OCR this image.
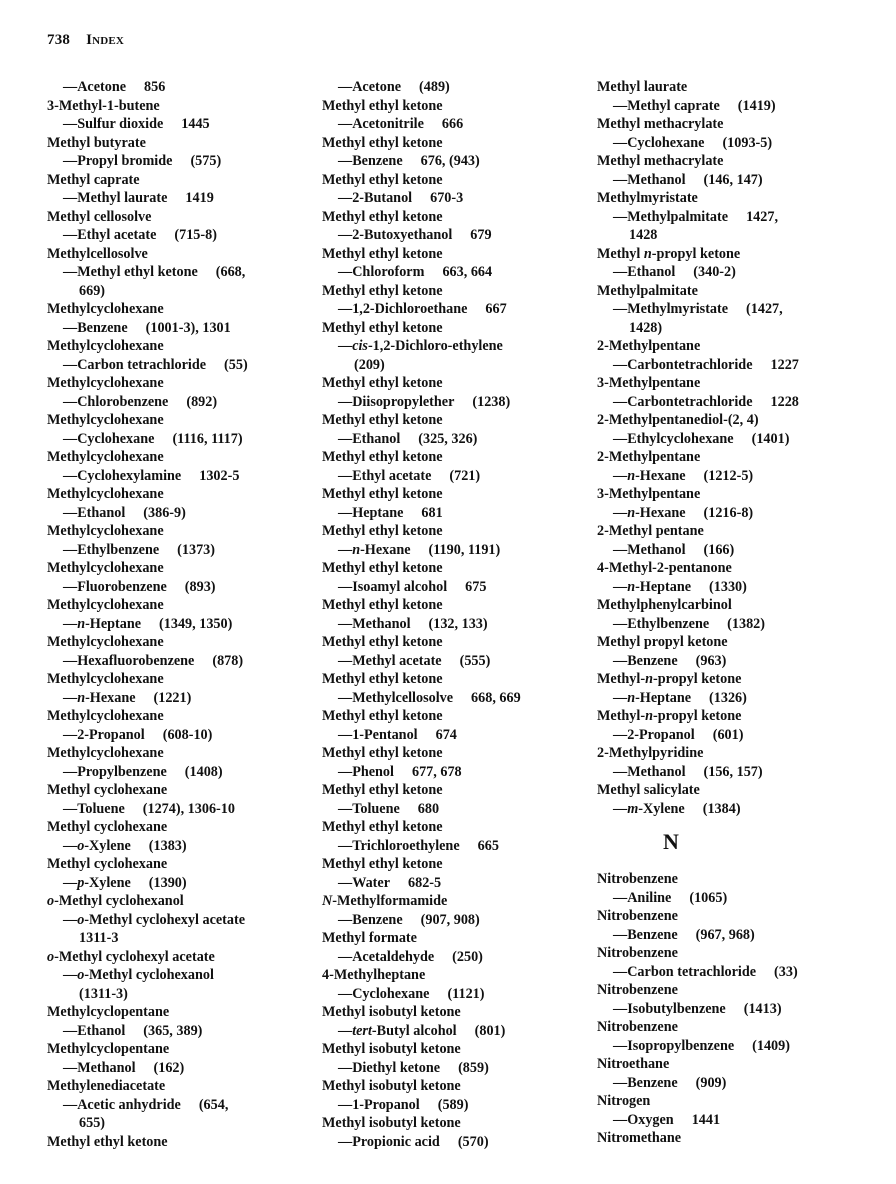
738 Index
—Acetone 856
3-Methyl-1-butene
—Sulfur dioxide 1445
Methyl butyrate
—Propyl bromide (575)
Methyl caprate
—Methyl laurate 1419
Methyl cellosolve
—Ethyl acetate (715-8)
Methylcellosolve
—Methyl ethyl ketone (668,
669)
Methylcyclohexane
—Benzene (1001-3), 1301
Methylcyclohexane
—Carbon tetrachloride (55)
Methylcyclohexane
—Chlorobenzene (892)
Methylcyclohexane
—Cyclohexane (1116, 1117)
Methylcyclohexane
—Cyclohexylamine 1302-5
Methylcyclohexane
—Ethanol (386-9)
Methylcyclohexane
—Ethylbenzene (1373)
Methylcyclohexane
—Fluorobenzene (893)
Methylcyclohexane
—n-Heptane (1349, 1350)
Methylcyclohexane
—Hexafluorobenzene (878)
Methylcyclohexane
—n-Hexane (1221)
Methylcyclohexane
—2-Propanol (608-10)
Methylcyclohexane
—Propylbenzene (1408)
Methyl cyclohexane
—Toluene (1274), 1306-10
Methyl cyclohexane
—o-Xylene (1383)
Methyl cyclohexane
—p-Xylene (1390)
o-Methyl cyclohexanol
—o-Methyl cyclohexyl acetate
1311-3
o-Methyl cyclohexyl acetate
—o-Methyl cyclohexanol
(1311-3)
Methylcyclopentane
—Ethanol (365, 389)
Methylcyclopentane
—Methanol (162)
Methylenediacetate
—Acetic anhydride (654,
655)
Methyl ethyl ketone
—Acetone (489)
Methyl ethyl ketone
—Acetonitrile 666
Methyl ethyl ketone
—Benzene 676, (943)
Methyl ethyl ketone
—2-Butanol 670-3
Methyl ethyl ketone
—2-Butoxyethanol 679
Methyl ethyl ketone
—Chloroform 663, 664
Methyl ethyl ketone
—1,2-Dichloroethane 667
Methyl ethyl ketone
—cis-1,2-Dichloro-ethylene
(209)
Methyl ethyl ketone
—Diisopropylether (1238)
Methyl ethyl ketone
—Ethanol (325, 326)
Methyl ethyl ketone
—Ethyl acetate (721)
Methyl ethyl ketone
—Heptane 681
Methyl ethyl ketone
—n-Hexane (1190, 1191)
Methyl ethyl ketone
—Isoamyl alcohol 675
Methyl ethyl ketone
—Methanol (132, 133)
Methyl ethyl ketone
—Methyl acetate (555)
Methyl ethyl ketone
—Methylcellosolve 668, 669
Methyl ethyl ketone
—1-Pentanol 674
Methyl ethyl ketone
—Phenol 677, 678
Methyl ethyl ketone
—Toluene 680
Methyl ethyl ketone
—Trichloroethylene 665
Methyl ethyl ketone
—Water 682-5
N-Methylformamide
—Benzene (907, 908)
Methyl formate
—Acetaldehyde (250)
4-Methylheptane
—Cyclohexane (1121)
Methyl isobutyl ketone
—tert-Butyl alcohol (801)
Methyl isobutyl ketone
—Diethyl ketone (859)
Methyl isobutyl ketone
—1-Propanol (589)
Methyl isobutyl ketone
—Propionic acid (570)
Methyl laurate
—Methyl caprate (1419)
Methyl methacrylate
—Cyclohexane (1093-5)
Methyl methacrylate
—Methanol (146, 147)
Methylmyristate
—Methylpalmitate 1427,
1428
Methyl n-propyl ketone
—Ethanol (340-2)
Methylpalmitate
—Methylmyristate (1427,
1428)
2-Methylpentane
—Carbontetrachloride 1227
3-Methylpentane
—Carbontetrachloride 1228
2-Methylpentanediol-(2, 4)
—Ethylcyclohexane (1401)
2-Methylpentane
—n-Hexane (1212-5)
3-Methylpentane
—n-Hexane (1216-8)
2-Methyl pentane
—Methanol (166)
4-Methyl-2-pentanone
—n-Heptane (1330)
Methylphenylcarbinol
—Ethylbenzene (1382)
Methyl propyl ketone
—Benzene (963)
Methyl-n-propyl ketone
—n-Heptane (1326)
Methyl-n-propyl ketone
—2-Propanol (601)
2-Methylpyridine
—Methanol (156, 157)
Methyl salicylate
—m-Xylene (1384)
N
Nitrobenzene
—Aniline (1065)
Nitrobenzene
—Benzene (967, 968)
Nitrobenzene
—Carbon tetrachloride (33)
Nitrobenzene
—Isobutylbenzene (1413)
Nitrobenzene
—Isopropylbenzene (1409)
Nitroethane
—Benzene (909)
Nitrogen
—Oxygen 1441
Nitromethane
